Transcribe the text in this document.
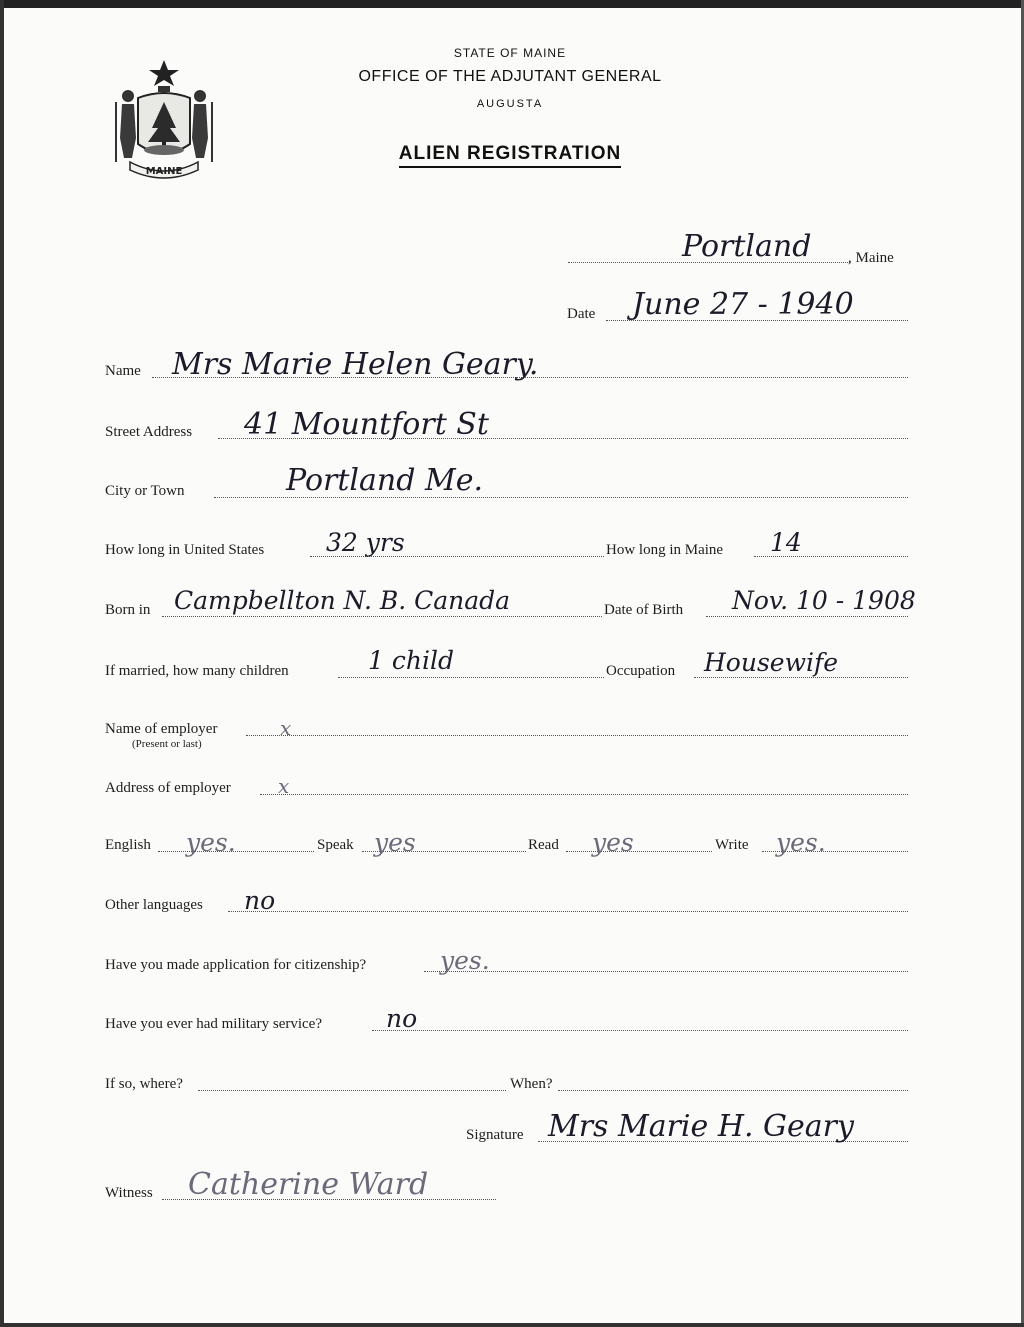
MAINE
STATE OF MAINE
OFFICE OF THE ADJUTANT GENERAL
AUGUSTA
ALIEN REGISTRATION
Portland , Maine
Date June 27 - 1940
Name Mrs Marie Helen Geary.
Street Address 41 Mountfort St
City or Town	Portland Me.
How long in United States 32 yrs	How long in Maine 14
Born in Campbellton N. B. Canada	Date of Birth Nov. 10 - 1908
If married, how many children	1 child	Occupation Housewife
Name of employer
(Present or last)
x
Address of employer x
English yes.	Speak yes	Read yes	Write yes.
Other languages no
Have you made application for citizenship?	yes.
Have you ever had military service?	no
If so, where?	When?
Signature Mrs Marie H. Geary
Witness Catherine Ward
